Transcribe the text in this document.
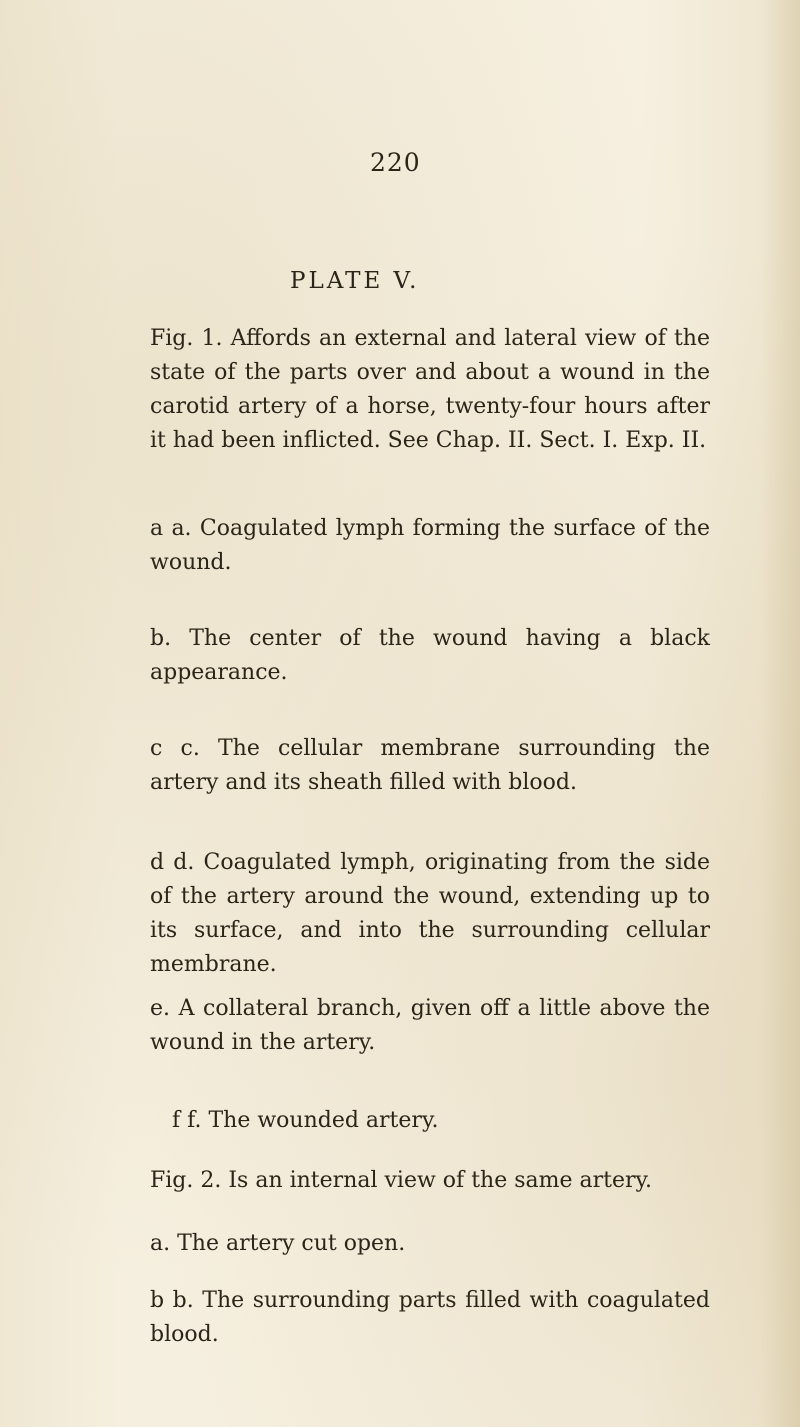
220
PLATE V.

Fig. 1. Affords an external and lateral view of the state of the parts over and about a wound in the carotid artery of a horse, twenty-four hours after it had been inflicted. See Chap. II. Sect. I. Exp. II.

a a. Coagulated lymph forming the surface of the wound.

b. The center of the wound having a black appearance.

c c. The cellular membrane surrounding the artery and its sheath filled with blood.

d d. Coagulated lymph, originating from the side of the artery around the wound, extending up to its surface, and into the surrounding cellular membrane.

e. A collateral branch, given off a little above the wound in the artery.

f f. The wounded artery.

Fig. 2. Is an internal view of the same artery.

a. The artery cut open.

b b. The surrounding parts filled with coagulated blood.
